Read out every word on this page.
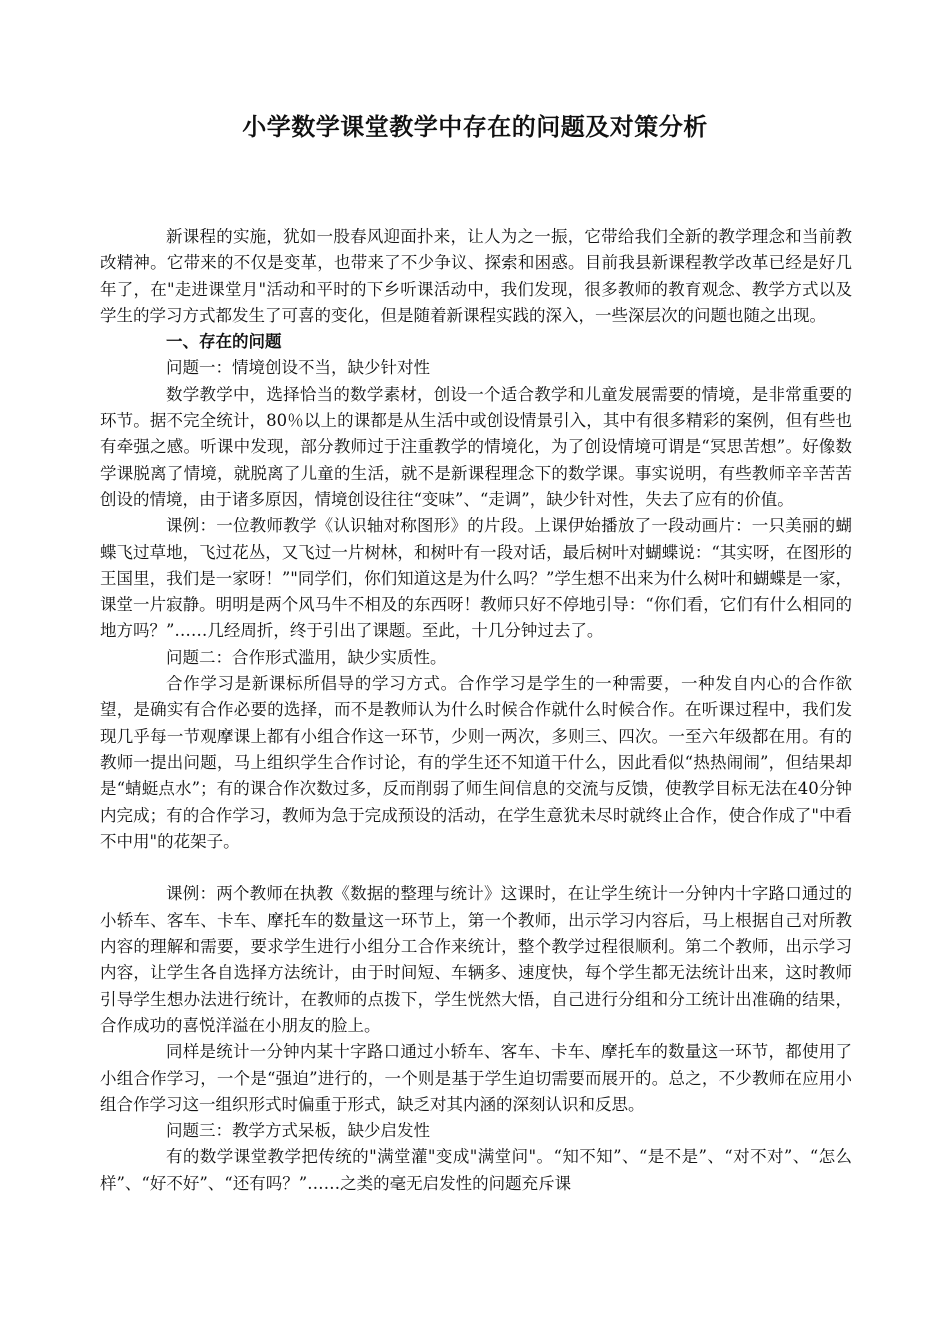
小学数学课堂教学中存在的问题及对策分析

新课程的实施，犹如一股春风迎面扑来，让人为之一振，它带给我们全新的教学理念和当前教改精神。它带来的不仅是变革，也带来了不少争议、探索和困惑。目前我县新课程教学改革已经是好几年了，在"走进课堂月"活动和平时的下乡听课活动中，我们发现，很多教师的教育观念、教学方式以及学生的学习方式都发生了可喜的变化，但是随着新课程实践的深入，一些深层次的问题也随之出现。

一、存在的问题

问题一：情境创设不当，缺少针对性

数学教学中，选择恰当的数学素材，创设一个适合教学和儿童发展需要的情境，是非常重要的环节。据不完全统计，80％以上的课都是从生活中或创设情景引入，其中有很多精彩的案例，但有些也有牵强之感。听课中发现，部分教师过于注重教学的情境化，为了创设情境可谓是“冥思苦想”。好像数学课脱离了情境，就脱离了儿童的生活，就不是新课程理念下的数学课。事实说明，有些教师辛辛苦苦创设的情境，由于诸多原因，情境创设往往“变味”、“走调”，缺少针对性，失去了应有的价值。

课例：一位教师教学《认识轴对称图形》的片段。上课伊始播放了一段动画片：一只美丽的蝴蝶飞过草地，飞过花丛，又飞过一片树林，和树叶有一段对话，最后树叶对蝴蝶说：“其实呀，在图形的王国里，我们是一家呀！”"同学们，你们知道这是为什么吗？”学生想不出来为什么树叶和蝴蝶是一家，课堂一片寂静。明明是两个风马牛不相及的东西呀！教师只好不停地引导：“你们看，它们有什么相同的地方吗？”……几经周折，终于引出了课题。至此，十几分钟过去了。

问题二：合作形式滥用，缺少实质性。

合作学习是新课标所倡导的学习方式。合作学习是学生的一种需要，一种发自内心的合作欲望，是确实有合作必要的选择，而不是教师认为什么时候合作就什么时候合作。在听课过程中，我们发现几乎每一节观摩课上都有小组合作这一环节，少则一两次，多则三、四次。一至六年级都在用。有的教师一提出问题，马上组织学生合作讨论，有的学生还不知道干什么，因此看似“热热闹闹”，但结果却是“蜻蜓点水”；有的课合作次数过多，反而削弱了师生间信息的交流与反馈，使教学目标无法在40分钟内完成；有的合作学习，教师为急于完成预设的活动，在学生意犹未尽时就终止合作，使合作成了"中看不中用"的花架子。

课例：两个教师在执教《数据的整理与统计》这课时，在让学生统计一分钟内十字路口通过的小轿车、客车、卡车、摩托车的数量这一环节上，第一个教师，出示学习内容后，马上根据自己对所教内容的理解和需要，要求学生进行小组分工合作来统计，整个教学过程很顺利。第二个教师，出示学习内容，让学生各自选择方法统计，由于时间短、车辆多、速度快，每个学生都无法统计出来，这时教师引导学生想办法进行统计，在教师的点拨下，学生恍然大悟，自己进行分组和分工统计出准确的结果，合作成功的喜悦洋溢在小朋友的脸上。

同样是统计一分钟内某十字路口通过小轿车、客车、卡车、摩托车的数量这一环节，都使用了小组合作学习，一个是“强迫”进行的，一个则是基于学生迫切需要而展开的。总之，不少教师在应用小组合作学习这一组织形式时偏重于形式，缺乏对其内涵的深刻认识和反思。

问题三：教学方式呆板，缺少启发性

有的数学课堂教学把传统的"满堂灌"变成"满堂问"。“知不知”、“是不是”、“对不对”、“怎么样”、“好不好”、“还有吗？”……之类的毫无启发性的问题充斥课
